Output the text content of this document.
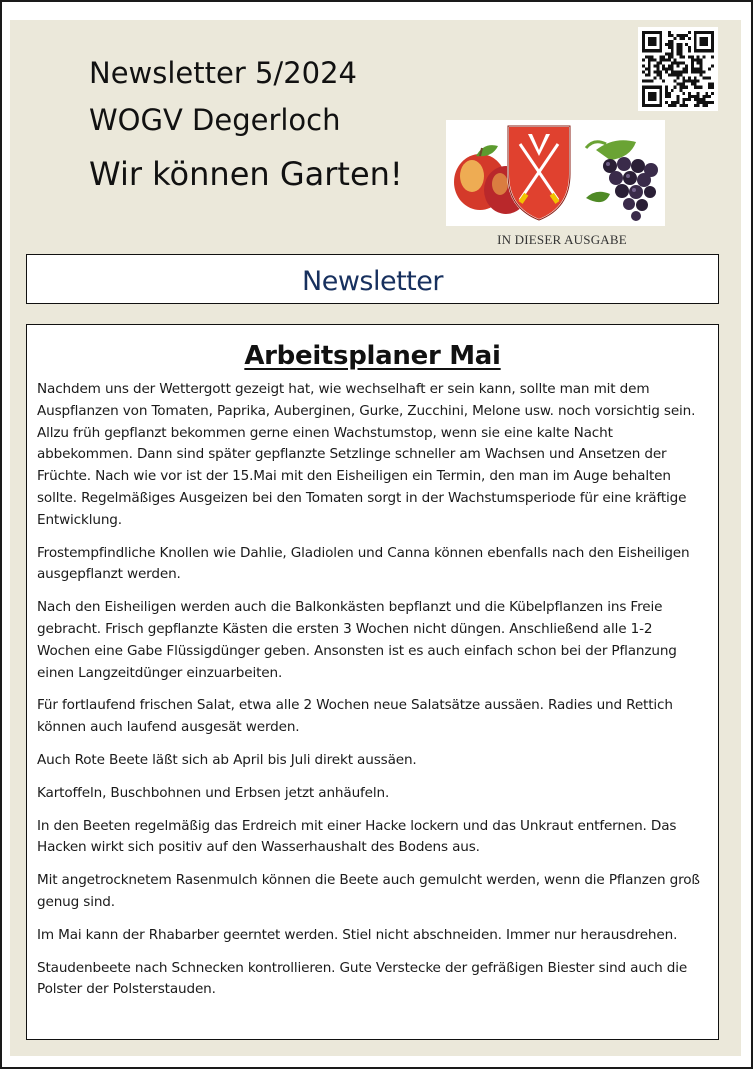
Newsletter 5/2024
WOGV Degerloch
Wir können Garten!
IN DIESER AUSGABE
Newsletter
Arbeitsplaner Mai

Nachdem uns der Wettergott gezeigt hat, wie wechselhaft er sein kann, sollte man mit dem Auspflanzen von Tomaten, Paprika, Auberginen, Gurke, Zucchini, Melone usw. noch vorsichtig sein. Allzu früh gepflanzt bekommen gerne einen Wachstumstop, wenn sie eine kalte Nacht abbekommen. Dann sind später gepflanzte Setzlinge schneller am Wachsen und Ansetzen der Früchte. Nach wie vor ist der 15.Mai mit den Eisheiligen ein Termin, den man im Auge behalten sollte. Regelmäßiges Ausgeizen bei den Tomaten sorgt in der Wachstumsperiode für eine kräftige Entwicklung.

Frostempfindliche Knollen wie Dahlie, Gladiolen und Canna können ebenfalls nach den Eisheiligen ausgepflanzt werden.

Nach den Eisheiligen werden auch die Balkonkästen bepflanzt und die Kübelpflanzen ins Freie gebracht. Frisch gepflanzte Kästen die ersten 3 Wochen nicht düngen. Anschließend alle 1-2 Wochen eine Gabe Flüssigdünger geben. Ansonsten ist es auch einfach schon bei der Pflanzung einen Langzeitdünger einzuarbeiten.

Für fortlaufend frischen Salat, etwa alle 2 Wochen neue Salatsätze aussäen. Radies und Rettich können auch laufend ausgesät werden.

Auch Rote Beete läßt sich ab April bis Juli direkt aussäen.

Kartoffeln, Buschbohnen und Erbsen jetzt anhäufeln.

In den Beeten regelmäßig das Erdreich mit einer Hacke lockern und das Unkraut entfernen. Das Hacken wirkt sich positiv auf den Wasserhaushalt des Bodens aus.

Mit angetrocknetem Rasenmulch können die Beete auch gemulcht werden, wenn die Pflanzen groß genug sind.

Im Mai kann der Rhabarber geerntet werden. Stiel nicht abschneiden. Immer nur herausdrehen.

Staudenbeete nach Schnecken kontrollieren. Gute Verstecke der gefräßigen Biester sind auch die Polster der Polsterstauden.
